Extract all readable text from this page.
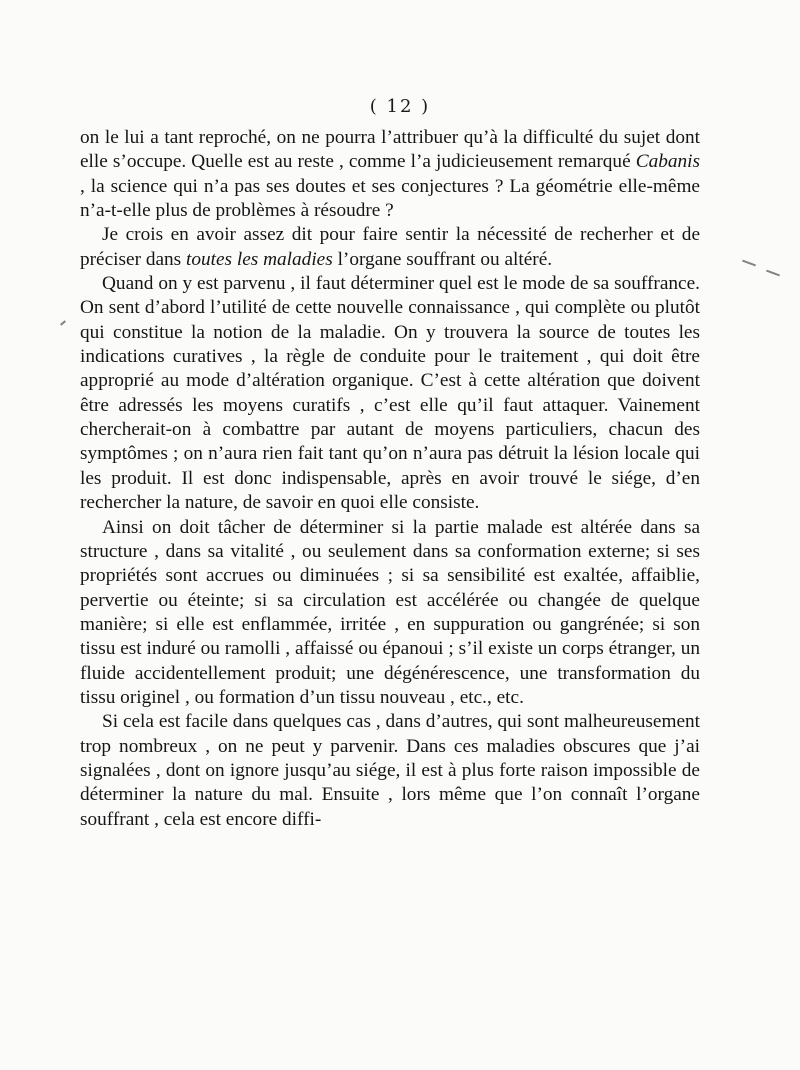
( 12 )

on le lui a tant reproché, on ne pourra l’attribuer qu’à la difficulté du sujet dont elle s’occupe. Quelle est au reste , comme l’a judicieusement remarqué Cabanis , la science qui n’a pas ses doutes et ses conjectures ? La géométrie elle-même n’a-t-elle plus de problèmes à résoudre ?

Je crois en avoir assez dit pour faire sentir la nécessité de recherher et de préciser dans toutes les maladies l’organe souffrant ou altéré.

Quand on y est parvenu , il faut déterminer quel est le mode de sa souffrance. On sent d’abord l’utilité de cette nouvelle connaissance , qui complète ou plutôt qui constitue la notion de la maladie. On y trouvera la source de toutes les indications curatives , la règle de conduite pour le traitement , qui doit être approprié au mode d’altération organique. C’est à cette altération que doivent être adressés les moyens curatifs , c’est elle qu’il faut attaquer. Vainement chercherait-on à combattre par autant de moyens particuliers, chacun des symptômes ; on n’aura rien fait tant qu’on n’aura pas détruit la lésion locale qui les produit. Il est donc indispensable, après en avoir trouvé le siége, d’en rechercher la nature, de savoir en quoi elle consiste.

Ainsi on doit tâcher de déterminer si la partie malade est altérée dans sa structure , dans sa vitalité , ou seulement dans sa conformation externe; si ses propriétés sont accrues ou diminuées ; si sa sensibilité est exaltée, affaiblie, pervertie ou éteinte; si sa circulation est accélérée ou changée de quelque manière; si elle est enflammée, irritée , en suppuration ou gangrénée; si son tissu est induré ou ramolli , affaissé ou épanoui ; s’il existe un corps étranger, un fluide accidentellement produit; une dégénérescence, une transformation du tissu originel , ou formation d’un tissu nouveau , etc., etc.

Si cela est facile dans quelques cas , dans d’autres, qui sont malheureusement trop nombreux , on ne peut y parvenir. Dans ces maladies obscures que j’ai signalées , dont on ignore jusqu’au siége, il est à plus forte raison impossible de déterminer la nature du mal. Ensuite , lors même que l’on connaît l’organe souffrant , cela est encore diffi-
